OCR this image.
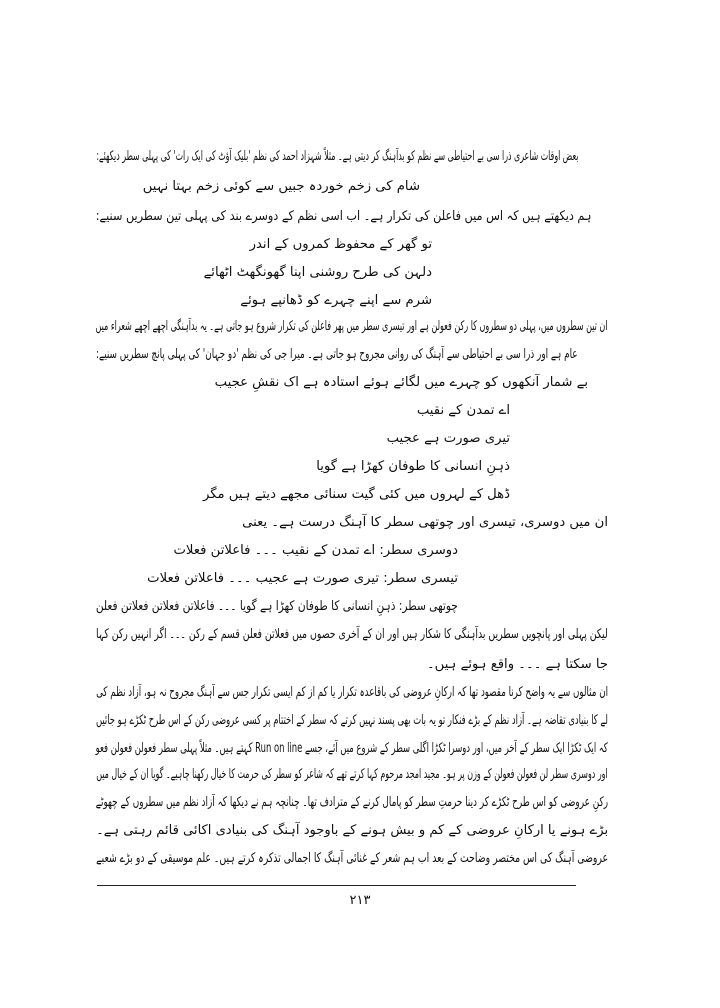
بعض اوقات شاعری ذرا سی بے احتیاطی سے نظم کو بدآہنگ کر دیتی ہے۔ مثلاً شہزاد احمد کی نظم 'بلیک آؤٹ کی ایک رات' کی پہلی سطر دیکھئے:
شام کی زخم خوردہ جبیں سے کوئی زخم بہتا نہیں
ہم دیکھتے ہیں کہ اس میں فاعلن کی تکرار ہے۔ اب اسی نظم کے دوسرے بند کی پہلی تین سطریں سنیے:
تو گھر کے محفوظ کمروں کے اندر
دلہن کی طرح روشنی اپنا گھونگھٹ اٹھائے
شرم سے اپنے چہرے کو ڈھانپے ہوئے
ان تین سطروں میں، پہلی دو سطروں کا رکن فعولن ہے اور تیسری سطر میں پھر فاعلن کی تکرار شروع ہو جاتی ہے۔ یہ بدآہنگی اچھے اچھے شعراء میں
عام ہے اور ذرا سی بے احتیاطی سے آہنگ کی روانی مجروح ہو جاتی ہے۔ میرا جی کی نظم 'دو جہان' کی پہلی پانچ سطریں سنیے:
بے شمار آنکھوں کو چہرے میں لگائے ہوئے استادہ ہے اک نقشِ عجیب
اے تمدن کے نقیب
تیری صورت ہے عجیب
ذہنِ انسانی کا طوفان کھڑا ہے گویا
ڈھل کے لہروں میں کئی گیت سنائی مجھے دیتے ہیں مگر
ان میں دوسری، تیسری اور چوتھی سطر کا آہنگ درست ہے۔ یعنی
دوسری سطر: اے تمدن کے نقیب ۔۔۔ فاعلاتن فعلات
تیسری سطر: تیری صورت ہے عجیب ۔۔۔ فاعلاتن فعلات
چوتھی سطر: ذہنِ انسانی کا طوفان کھڑا ہے گویا ۔۔۔ فاعلاتن فعلاتن فعلاتن فعلن
لیکن پہلی اور پانچویں سطریں بدآہنگی کا شکار ہیں اور ان کے آخری حصوں میں فعلاتن فعلن قسم کے رکن ۔۔۔ اگر انہیں رکن کہا
جا سکتا ہے ۔۔۔ واقع ہوئے ہیں۔
ان مثالوں سے یہ واضح کرنا مقصود تھا کہ ارکانِ عروضی کی باقاعدہ تکرار یا کم از کم ایسی تکرار جس سے آہنگ مجروح نہ ہو، آزاد نظم کی
لے کا بنیادی تقاضہ ہے۔ آزاد نظم کے بڑے فنکار تو یہ بات بھی پسند نہیں کرتے کہ سطر کے اختتام پر کسی عروضی رکن کے اس طرح ٹکڑے ہو جائیں
کہ ایک ٹکڑا ایک سطر کے آخر میں، اور دوسرا ٹکڑا اگلی سطر کے شروع میں آئے، جسے Run on line کہتے ہیں۔ مثلاً پہلی سطر فعولن فعولن فعو
اور دوسری سطر لن فعولن فعولن کے وزن پر ہو۔ مجید امجد مرحوم کہا کرتے تھے کہ شاعر کو سطر کی حرمت کا خیال رکھنا چاہیے۔ گویا ان کے خیال میں
رکنِ عروضی کو اس طرح ٹکڑے کر دینا حرمتِ سطر کو پامال کرنے کے مترادف تھا۔ چنانچہ ہم نے دیکھا کہ آزاد نظم میں سطروں کے چھوٹے
بڑے ہونے یا ارکانِ عروضی کے کم و بیش ہونے کے باوجود آہنگ کی بنیادی اکائی قائم رہتی ہے۔
عروضی آہنگ کی اس مختصر وضاحت کے بعد اب ہم شعر کے غنائی آہنگ کا اجمالی تذکرہ کرتے ہیں۔ علم موسیقی کے دو بڑے شعبے
۲۱۳
